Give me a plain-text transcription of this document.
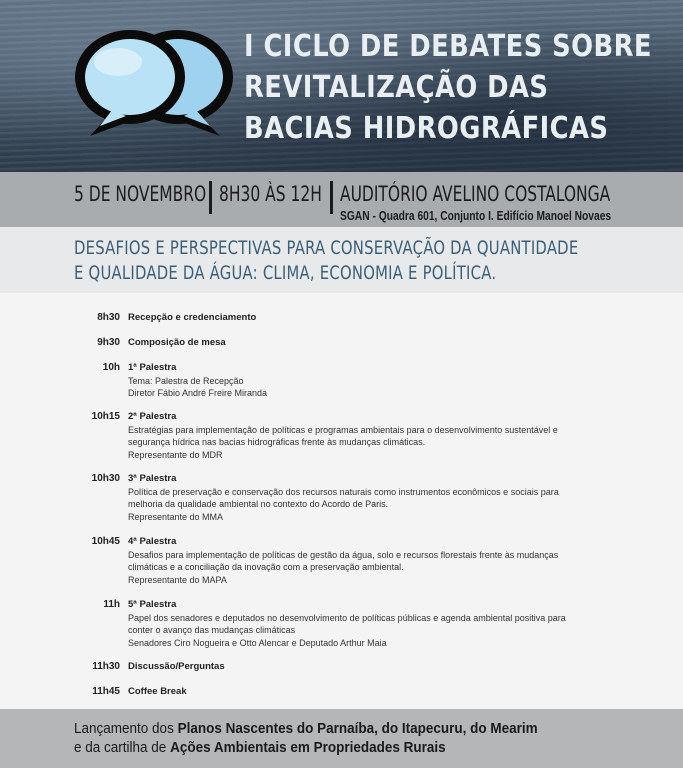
I CICLO DE DEBATES SOBRE
REVITALIZAÇÃO DAS
BACIAS HIDROGRÁFICAS
5 DE NOVEMBRO 8H30 ÀS 12H AUDITÓRIO AVELINO COSTALONGA
SGAN - Quadra 601, Conjunto I. Edifício Manoel Novaes
DESAFIOS E PERSPECTIVAS PARA CONSERVAÇÃO DA QUANTIDADE
E QUALIDADE DA ÁGUA: CLIMA, ECONOMIA E POLÍTICA.
8h30 Recepção e credenciamento
9h30 Composição de mesa
10h 1ª Palestra
Tema: Palestra de Recepção
Diretor Fábio André Freire Miranda
10h15 2ª Palestra
Estratégias para implementação de políticas e programas ambientais para o desenvolvimento sustentável e
segurança hídrica nas bacias hidrográficas frente às mudanças climáticas.
Representante do MDR
10h30 3ª Palestra
Política de preservação e conservação dos recursos naturais como instrumentos econômicos e sociais para
melhoria da qualidade ambiental no contexto do Acordo de Paris.
Representante do MMA
10h45 4ª Palestra
Desafios para implementação de políticas de gestão da água, solo e recursos florestais frente às mudanças
climáticas e a conciliação da inovação com a preservação ambiental.
Representante do MAPA
11h 5ª Palestra
Papel dos senadores e deputados no desenvolvimento de políticas públicas e agenda ambiental positiva para
conter o avanço das mudanças climáticas
Senadores Ciro Nogueira e Otto Alencar e Deputado Arthur Maia
11h30 Discussão/Perguntas
11h45 Coffee Break
Lançamento dos Planos Nascentes do Parnaíba, do Itapecuru, do Mearim
e da cartilha de Ações Ambientais em Propriedades Rurais
